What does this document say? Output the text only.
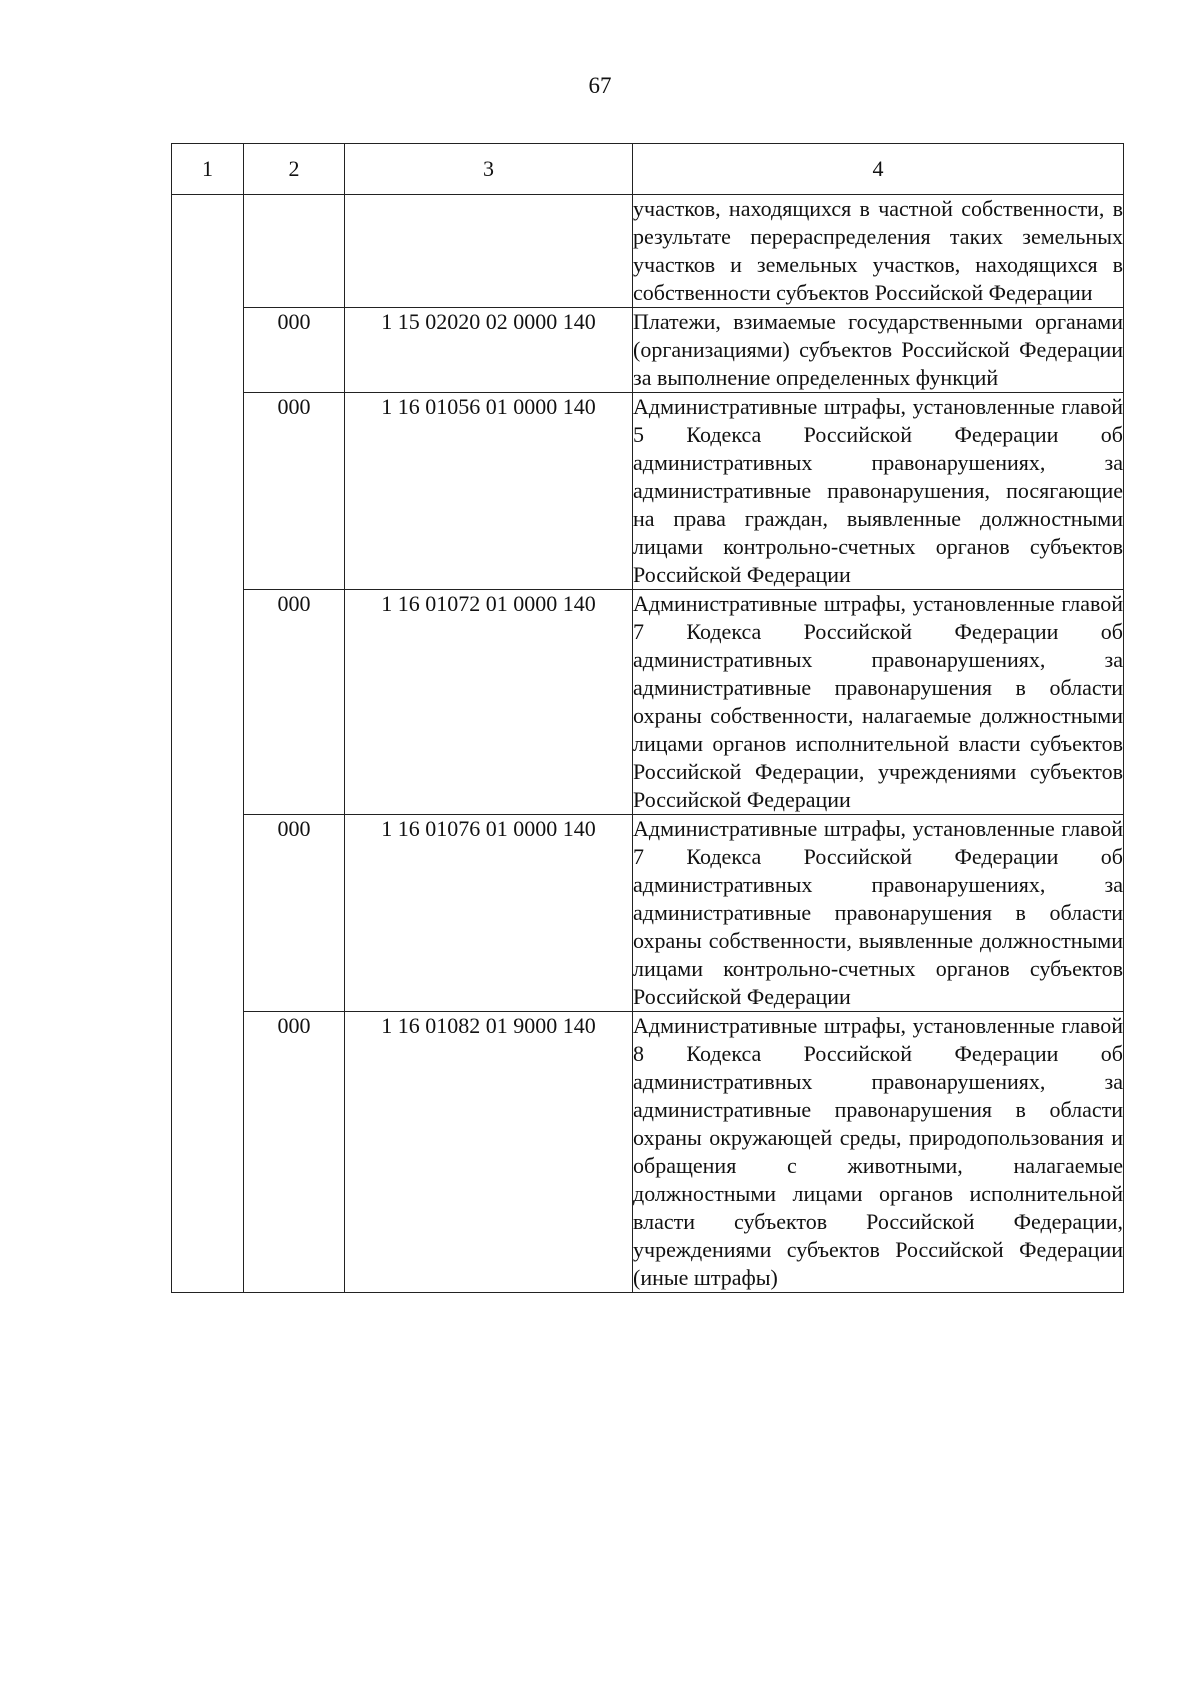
67
1	2	3	4
			участков, находящихся в частной собственности, в результате перераспределения таких земельных участков и земельных участков, находящихся в собственности субъектов Российской Федерации
	000	1 15 02020 02 0000 140	Платежи, взимаемые государственными органами (организациями) субъектов Российской Федерации за выполнение определенных функций
	000	1 16 01056 01 0000 140	Административные штрафы, установленные главой 5 Кодекса Российской Федерации об административных правонарушениях, за административные правонарушения, посягающие на права граждан, выявленные должностными лицами контрольно-счетных органов субъектов Российской Федерации
	000	1 16 01072 01 0000 140	Административные штрафы, установленные главой 7 Кодекса Российской Федерации об административных правонарушениях, за административные правонарушения в области охраны собственности, налагаемые должностными лицами органов исполнительной власти субъектов Российской Федерации, учреждениями субъектов Российской Федерации
	000	1 16 01076 01 0000 140	Административные штрафы, установленные главой 7 Кодекса Российской Федерации об административных правонарушениях, за административные правонарушения в области охраны собственности, выявленные должностными лицами контрольно-счетных органов субъектов Российской Федерации
	000	1 16 01082 01 9000 140	Административные штрафы, установленные главой 8 Кодекса Российской Федерации об административных правонарушениях, за административные правонарушения в области охраны окружающей среды, природопользования и обращения с животными, налагаемые должностными лицами органов исполнительной власти субъектов Российской Федерации, учреждениями субъектов Российской Федерации (иные штрафы)
